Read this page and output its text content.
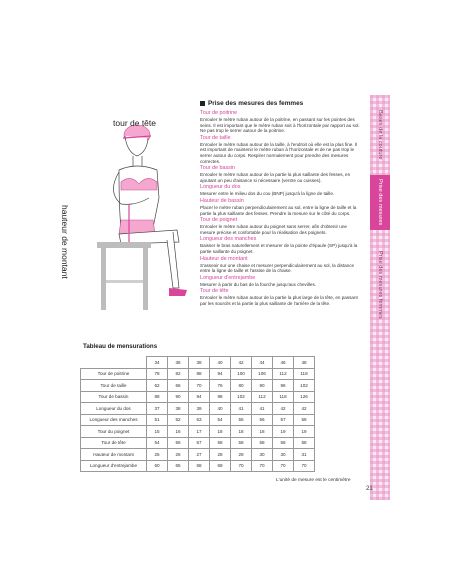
Bases de la couture
Prise des mesures
Prise des mesures femmes
tour de tête
hauteur de montant
Prise des mesures des femmes
Tour de poitrine

Enrouler le mètre ruban autour de la poitrine, en passant sur les pointes des seins. Il est important que le mètre ruban soit à l'horizontale par rapport au sol. Ne pas trop le serrer autour de la poitrine.

Tour de taille

Enrouler le mètre ruban autour de la taille, à l'endroit où elle est la plus fine. Il est important de maintenir le mètre ruban à l'horizontale et de ne pas trop le serrer autour du corps. Respirer normalement pour prendre des mesures correctes.

Tour de bassin

Enrouler le mètre ruban autour de la partie la plus saillante des fesses, en ajoutant un peu d'aisance si nécessaire (ventre ou cuisses).

Longueur du dos

Mesurer entre le milieu dos du cou (BNP) jusqu'à la ligne de taille.

Hauteur de bassin

Placer le mètre ruban perpendiculairement au sol, entre la ligne de taille et la partie la plus saillante des fesses. Prendre la mesure sur le côté du corps.

Tour de poignet

Enrouler le mètre ruban autour du poignet sans serrer, afin d'obtenir une mesure précise et confortable pour la réalisation des poignets.

Longueur des manches

Baisser le bras naturellement et mesurer de la pointe d'épaule (SP) jusqu'à la partie saillante du poignet.

Hauteur de montant

S'asseoir sur une chaise et mesurer perpendiculairement au sol, la distance entre la ligne de taille et l'assise de la chaise.

Longueur d'entrejambe

Mesurer à partir du bas de la fourche jusqu'aux chevilles.

Tour de tête

Enrouler le mètre ruban autour de la partie la plus large de la tête, en passant par les sourcils et la partie la plus saillante de l'arrière de la tête.

Tableau de mensurations
	34	36	38	40	42	44	46	48
Tour de poitrine	78	82	88	94	100	106	112	118
Tour de taille	62	66	70	76	80	90	96	102
Tour de bassin	88	90	94	98	102	112	118	126
Longueur du dos	37	38	39	40	41	41	42	42
Longueur des manches	51	52	53	54	55	56	57	58
Tour du poignet	15	16	17	18	18	18	19	19
Tour de tête	54	56	57	58	58	58	58	58
Hauteur de montant	25	26	27	28	29	30	30	31
Longueur d'entrejambe	60	65	68	68	70	70	70	70
L'unité de mesure est le centimètre
21
